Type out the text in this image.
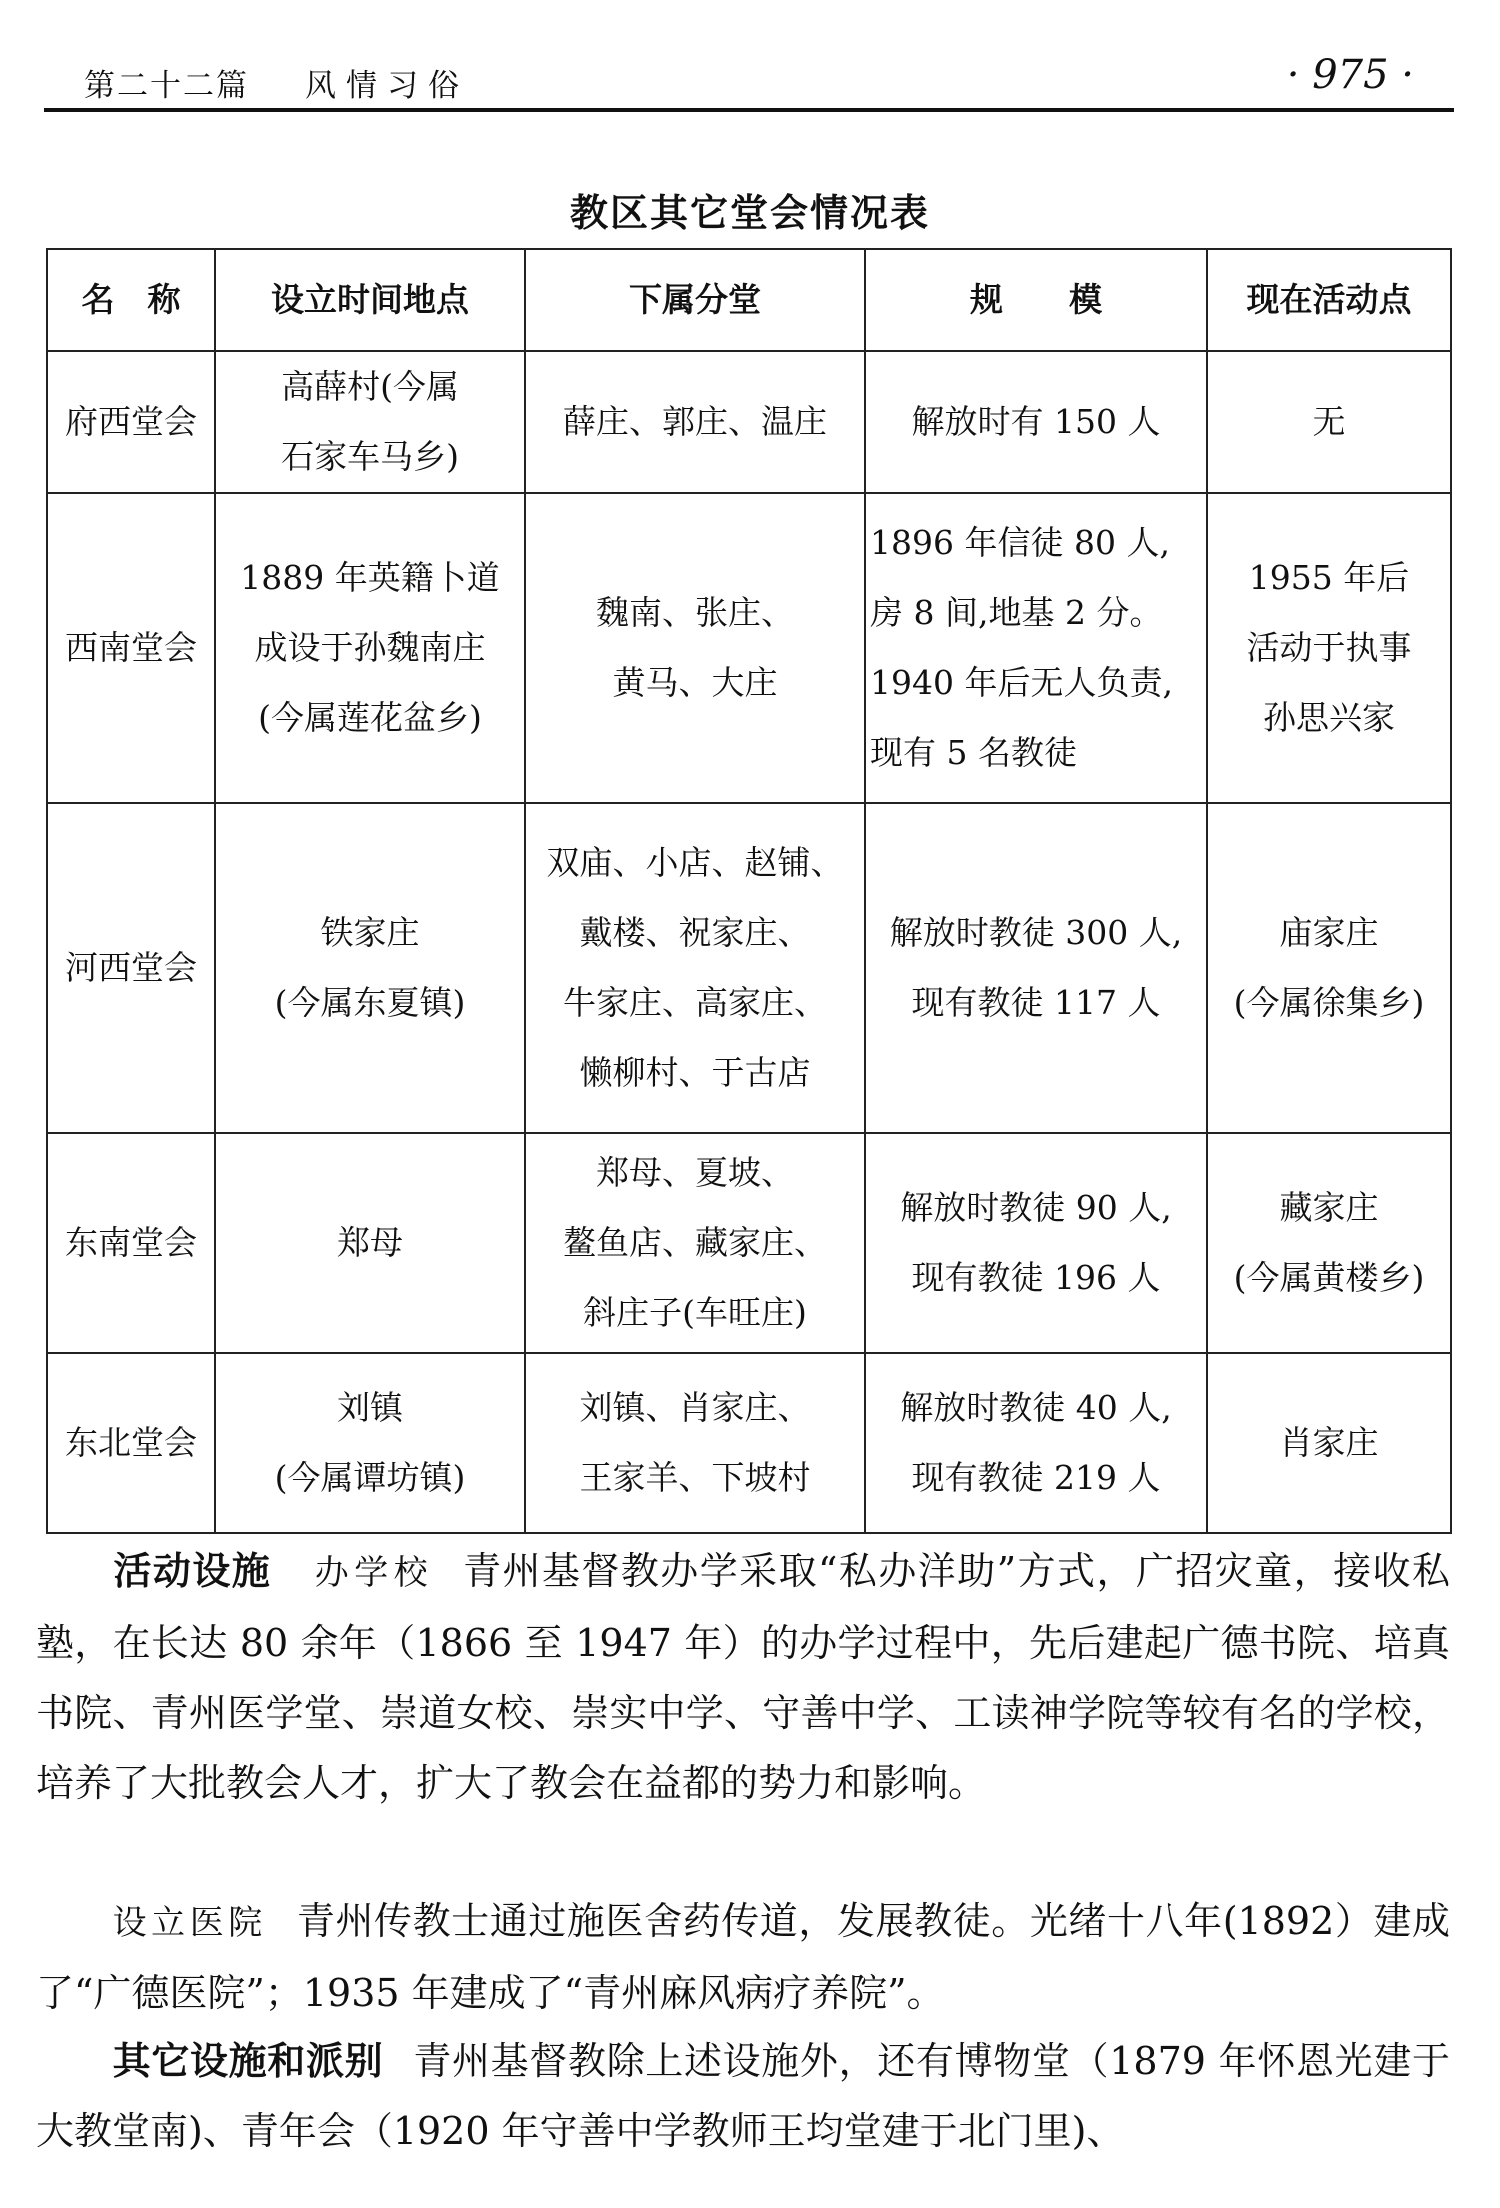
第二十二篇 风情习俗	· 975 ·
教区其它堂会情况表
名　称	设立时间地点	下属分堂	规　　模	现在活动点

府西堂会	高薛村(今属
石家车马乡)	薛庄、郭庄、温庄	解放时有 150 人	无

西南堂会	1889 年英籍卜道
成设于孙魏南庄
(今属莲花盆乡)	魏南、张庄、
黄马、大庄	1896 年信徒 80 人,
房 8 间,地基 2 分。
1940 年后无人负责,
现有 5 名教徒	1955 年后
活动于执事
孙思兴家

河西堂会	铁家庄
(今属东夏镇)	双庙、小店、赵铺、
戴楼、祝家庄、
牛家庄、高家庄、
懒柳村、于古店	解放时教徒 300 人,
现有教徒 117 人	庙家庄
(今属徐集乡)

东南堂会	郑母	郑母、夏坡、
鳌鱼店、藏家庄、
斜庄子(车旺庄)	解放时教徒 90 人,
现有教徒 196 人	藏家庄
(今属黄楼乡)

东北堂会	刘镇
(今属谭坊镇)	刘镇、肖家庄、
王家羊、下坡村	解放时教徒 40 人,
现有教徒 219 人	肖家庄
活动设施 办学校 青州基督教办学采取“私办洋助”方式，广招灾童，接收私塾，在长达 80 余年（1866 至 1947 年）的办学过程中，先后建起广德书院、培真书院、青州医学堂、崇道女校、崇实中学、守善中学、工读神学院等较有名的学校，培养了大批教会人才，扩大了教会在益都的势力和影响。
设立医院 青州传教士通过施医舍药传道，发展教徒。光绪十八年(1892）建成了“广德医院”；1935 年建成了“青州麻风病疗养院”。
其它设施和派别 青州基督教除上述设施外，还有博物堂（1879 年怀恩光建于大教堂南)、青年会（1920 年守善中学教师王均堂建于北门里)、
